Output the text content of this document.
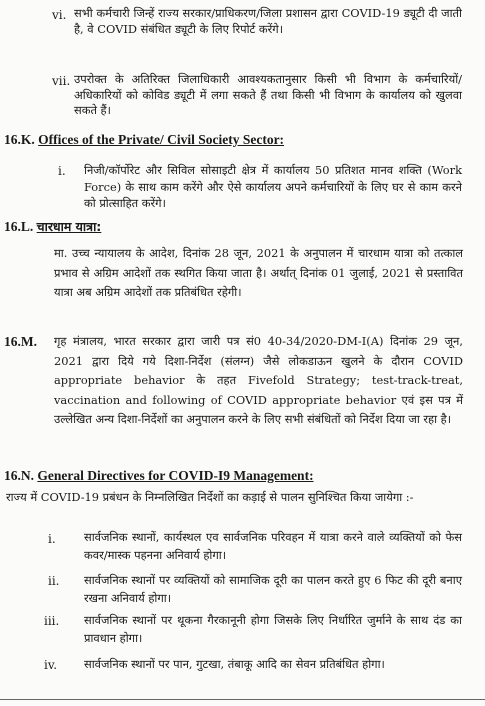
vi. सभी कर्मचारी जिन्हें राज्य सरकार/प्राधिकरण/जिला प्रशासन द्वारा COVID-19 ड्यूटी दी जाती है, वे COVID संबंधित ड्यूटी के लिए रिपोर्ट करेंगे।
vii. उपरोक्त के अतिरिक्त जिलाधिकारी आवश्यकतानुसार किसी भी विभाग के कर्मचारियों/अधिकारियों को कोविड ड्यूटी में लगा सकते हैं तथा किसी भी विभाग के कार्यालय को खुलवा सकते हैं।
16.K. Offices of the Private/ Civil Society Sector:
i. निजी/कॉर्पोरेट और सिविल सोसाइटी क्षेत्र में कार्यालय 50 प्रतिशत मानव शक्ति (Work Force) के साथ काम करेंगे और ऐसे कार्यालय अपने कर्मचारियों के लिए घर से काम करने को प्रोत्साहित करेंगे।
16.L. चारधाम यात्रा:
मा. उच्च न्यायालय के आदेश, दिनांक 28 जून, 2021 के अनुपालन में चारधाम यात्रा को तत्काल प्रभाव से अग्रिम आदेशों तक स्थगित किया जाता है। अर्थात् दिनांक 01 जुलाई, 2021 से प्रस्तावित यात्रा अब अग्रिम आदेशों तक प्रतिबंधित रहेगी।
16.M. गृह मंत्रालय, भारत सरकार द्वारा जारी पत्र सं0 40-34/2020-DM-I(A) दिनांक 29 जून, 2021 द्वारा दिये गये दिशा-निर्देश (संलग्न) जैसे लोकडाऊन खुलने के दौरान COVID appropriate behavior के तहत Fivefold Strategy; test-track-treat, vaccination and following of COVID appropriate behavior एवं इस पत्र में उल्लेखित अन्य दिशा-निर्देशों का अनुपालन करने के लिए सभी संबंधितों को निर्देश दिया जा रहा है।
16.N. General Directives for COVID-I9 Management:
राज्य में COVID-19 प्रबंधन के निम्नलिखित निर्देशों का कड़ाई से पालन सुनिश्चित किया जायेगा :-
i. सार्वजनिक स्थानों, कार्यस्थल एव सार्वजनिक परिवहन में यात्रा करने वाले व्यक्तियों को फेस कवर/मास्क पहनना अनिवार्य होगा।
ii. सार्वजनिक स्थानों पर व्यक्तियों को सामाजिक दूरी का पालन करते हुए 6 फिट की दूरी बनाए रखना अनिवार्य होगा।
iii. सार्वजनिक स्थानों पर थूकना गैरकानूनी होगा जिसके लिए निर्धारित जुर्माने के साथ दंड का प्रावधान होगा।
iv. सार्वजनिक स्थानों पर पान, गुटखा, तंबाकू आदि का सेवन प्रतिबंधित होगा।
